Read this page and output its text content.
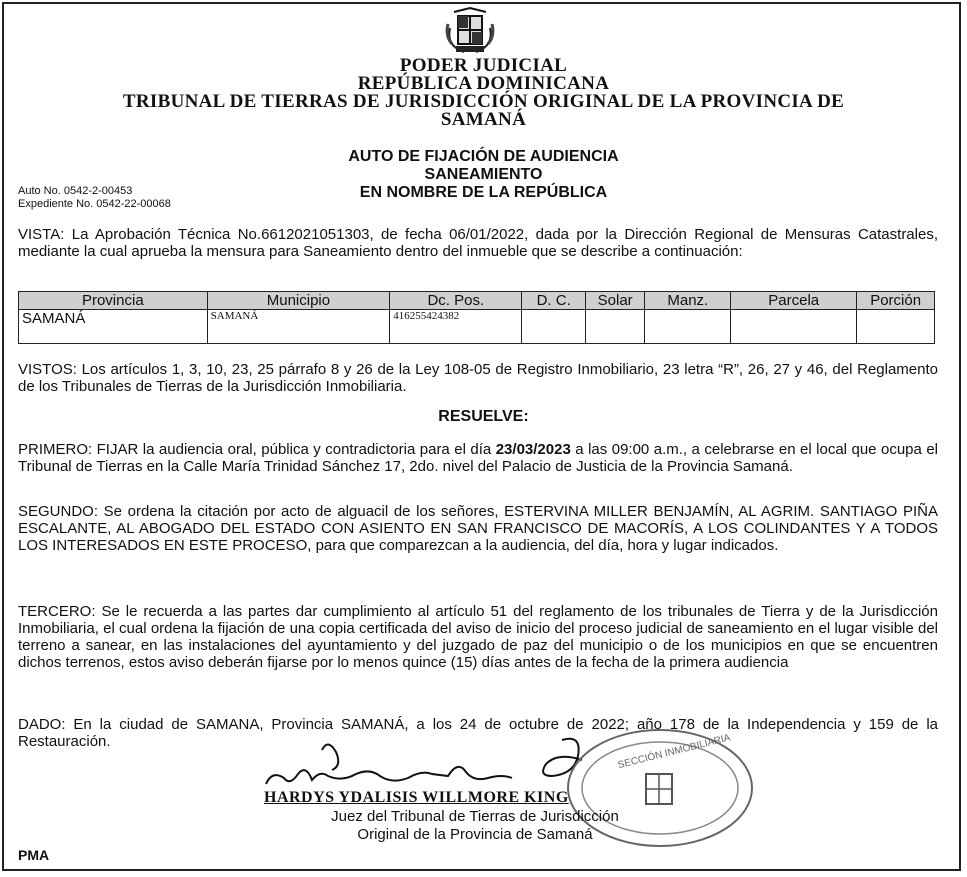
PODER JUDICIAL
REPÚBLICA DOMINICANA
TRIBUNAL DE TIERRAS DE JURISDICCIÓN ORIGINAL DE LA PROVINCIA DE
SAMANÁ
AUTO DE FIJACIÓN DE AUDIENCIA
SANEAMIENTO
EN NOMBRE DE LA REPÚBLICA
Auto No. 0542-2-00453
Expediente No. 0542-22-00068
VISTA: La Aprobación Técnica No.6612021051303, de fecha 06/01/2022, dada por la Dirección Regional de Mensuras Catastrales, mediante la cual aprueba la mensura para Saneamiento dentro del inmueble que se describe a continuación:
Provincia	Municipio	Dc. Pos.	D. C.	Solar	Manz.	Parcela	Porción
SAMANÁ	SAMANÁ	416255424382					
VISTOS: Los artículos 1, 3, 10, 23, 25 párrafo 8 y 26 de la Ley 108-05 de Registro Inmobiliario, 23 letra “R”, 26, 27 y 46, del Reglamento de los Tribunales de Tierras de la Jurisdicción Inmobiliaria.
RESUELVE:
PRIMERO: FIJAR la audiencia oral, pública y contradictoria para el día 23/03/2023 a las 09:00 a.m., a celebrarse en el local que ocupa el Tribunal de Tierras en la Calle María Trinidad Sánchez 17, 2do. nivel del Palacio de Justicia de la Provincia Samaná.
SEGUNDO: Se ordena la citación por acto de alguacil de los señores, ESTERVINA MILLER BENJAMÍN, AL AGRIM. SANTIAGO PIÑA ESCALANTE, AL ABOGADO DEL ESTADO CON ASIENTO EN SAN FRANCISCO DE MACORÍS, A LOS COLINDANTES Y A TODOS LOS INTERESADOS EN ESTE PROCESO, para que comparezcan a la audiencia, del día, hora y lugar indicados.
TERCERO: Se le recuerda a las partes dar cumplimiento al artículo 51 del reglamento de los tribunales de Tierra y de la Jurisdicción Inmobiliaria, el cual ordena la fijación de una copia certificada del aviso de inicio del proceso judicial de saneamiento en el lugar visible del terreno a sanear, en las instalaciones del ayuntamiento y del juzgado de paz del municipio o de los municipios en que se encuentren dichos terrenos, estos aviso deberán fijarse por lo menos quince (15) días antes de la fecha de la primera audiencia
DADO: En la ciudad de SAMANA, Provincia SAMANÁ, a los 24 de octubre de 2022; año 178 de la Independencia y 159 de la Restauración.	SECCIÓN INMOBILIARIA
HARDYS YDALISIS WILLMORE KING
Juez del Tribunal de Tierras de Jurisdicción
Original de la Provincia de Samaná
PMA
